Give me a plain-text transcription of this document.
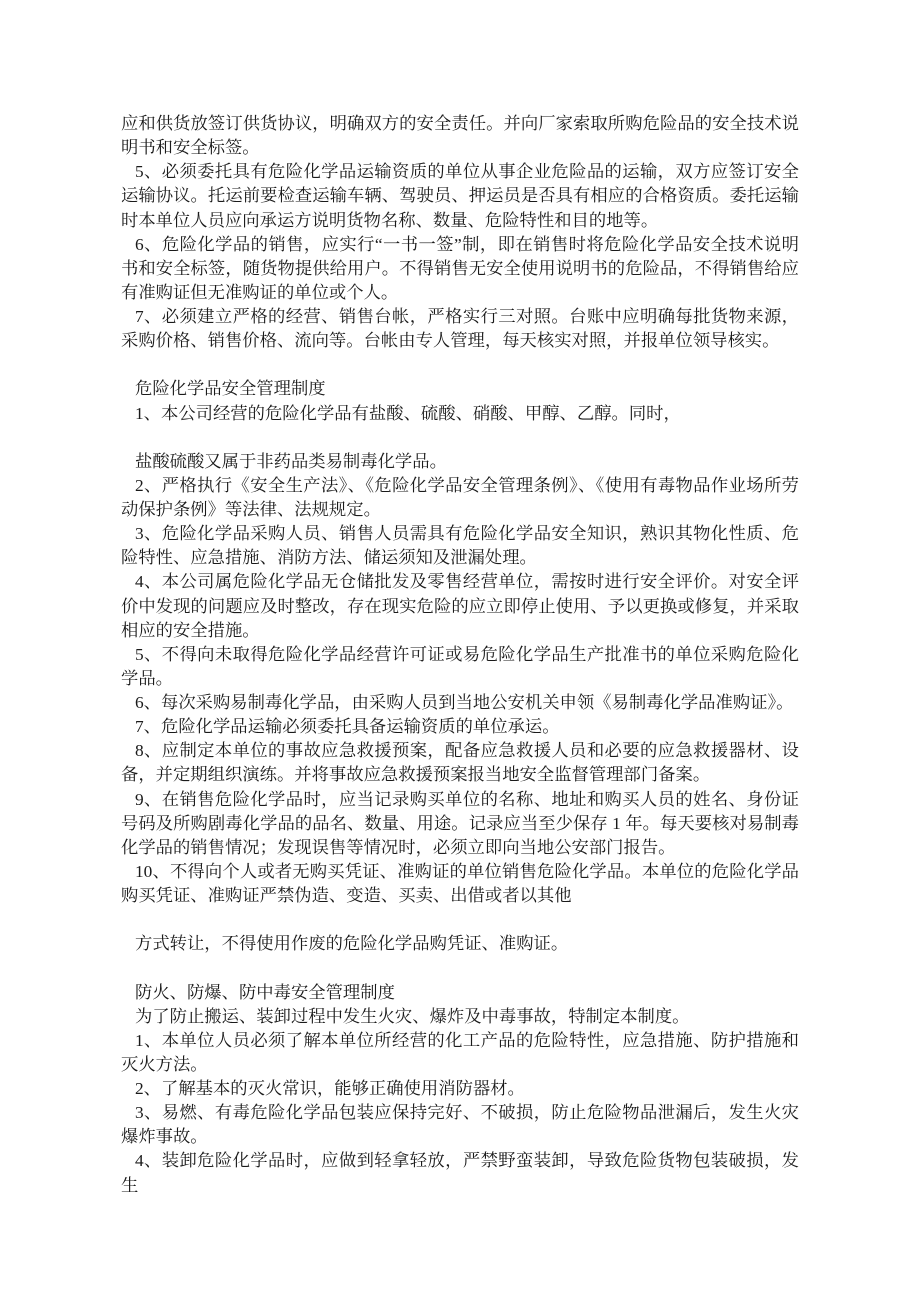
应和供货放签订供货协议，明确双方的安全责任。并向厂家索取所购危险品的安全技术说明书和安全标签。

5、必须委托具有危险化学品运输资质的单位从事企业危险品的运输，双方应签订安全运输协议。托运前要检查运输车辆、驾驶员、押运员是否具有相应的合格资质。委托运输时本单位人员应向承运方说明货物名称、数量、危险特性和目的地等。

6、危险化学品的销售，应实行“一书一签”制，即在销售时将危险化学品安全技术说明书和安全标签，随货物提供给用户。不得销售无安全使用说明书的危险品，不得销售给应有准购证但无准购证的单位或个人。

7、必须建立严格的经营、销售台帐，严格实行三对照。台账中应明确每批货物来源，采购价格、销售价格、流向等。台帐由专人管理，每天核实对照，并报单位领导核实。

危险化学品安全管理制度

1、本公司经营的危险化学品有盐酸、硫酸、硝酸、甲醇、乙醇。同时，

盐酸硫酸又属于非药品类易制毒化学品。

2、严格执行《安全生产法》、《危险化学品安全管理条例》、《使用有毒物品作业场所劳动保护条例》等法律、法规规定。

3、危险化学品采购人员、销售人员需具有危险化学品安全知识，熟识其物化性质、危险特性、应急措施、消防方法、储运须知及泄漏处理。

4、本公司属危险化学品无仓储批发及零售经营单位，需按时进行安全评价。对安全评价中发现的问题应及时整改，存在现实危险的应立即停止使用、予以更换或修复，并采取相应的安全措施。

5、不得向未取得危险化学品经营许可证或易危险化学品生产批准书的单位采购危险化学品。

6、每次采购易制毒化学品，由采购人员到当地公安机关申领《易制毒化学品准购证》。

7、危险化学品运输必须委托具备运输资质的单位承运。

8、应制定本单位的事故应急救援预案，配备应急救援人员和必要的应急救援器材、设备，并定期组织演练。并将事故应急救援预案报当地安全监督管理部门备案。

9、在销售危险化学品时，应当记录购买单位的名称、地址和购买人员的姓名、身份证号码及所购剧毒化学品的品名、数量、用途。记录应当至少保存 1 年。每天要核对易制毒化学品的销售情况；发现误售等情况时，必须立即向当地公安部门报告。

10、不得向个人或者无购买凭证、准购证的单位销售危险化学品。本单位的危险化学品购买凭证、准购证严禁伪造、变造、买卖、出借或者以其他

方式转让，不得使用作废的危险化学品购凭证、准购证。

防火、防爆、防中毒安全管理制度

为了防止搬运、装卸过程中发生火灾、爆炸及中毒事故，特制定本制度。

1、本单位人员必须了解本单位所经营的化工产品的危险特性，应急措施、防护措施和灭火方法。

2、了解基本的灭火常识，能够正确使用消防器材。

3、易燃、有毒危险化学品包装应保持完好、不破损，防止危险物品泄漏后，发生火灾爆炸事故。

4、装卸危险化学品时，应做到轻拿轻放，严禁野蛮装卸，导致危险货物包装破损，发生
